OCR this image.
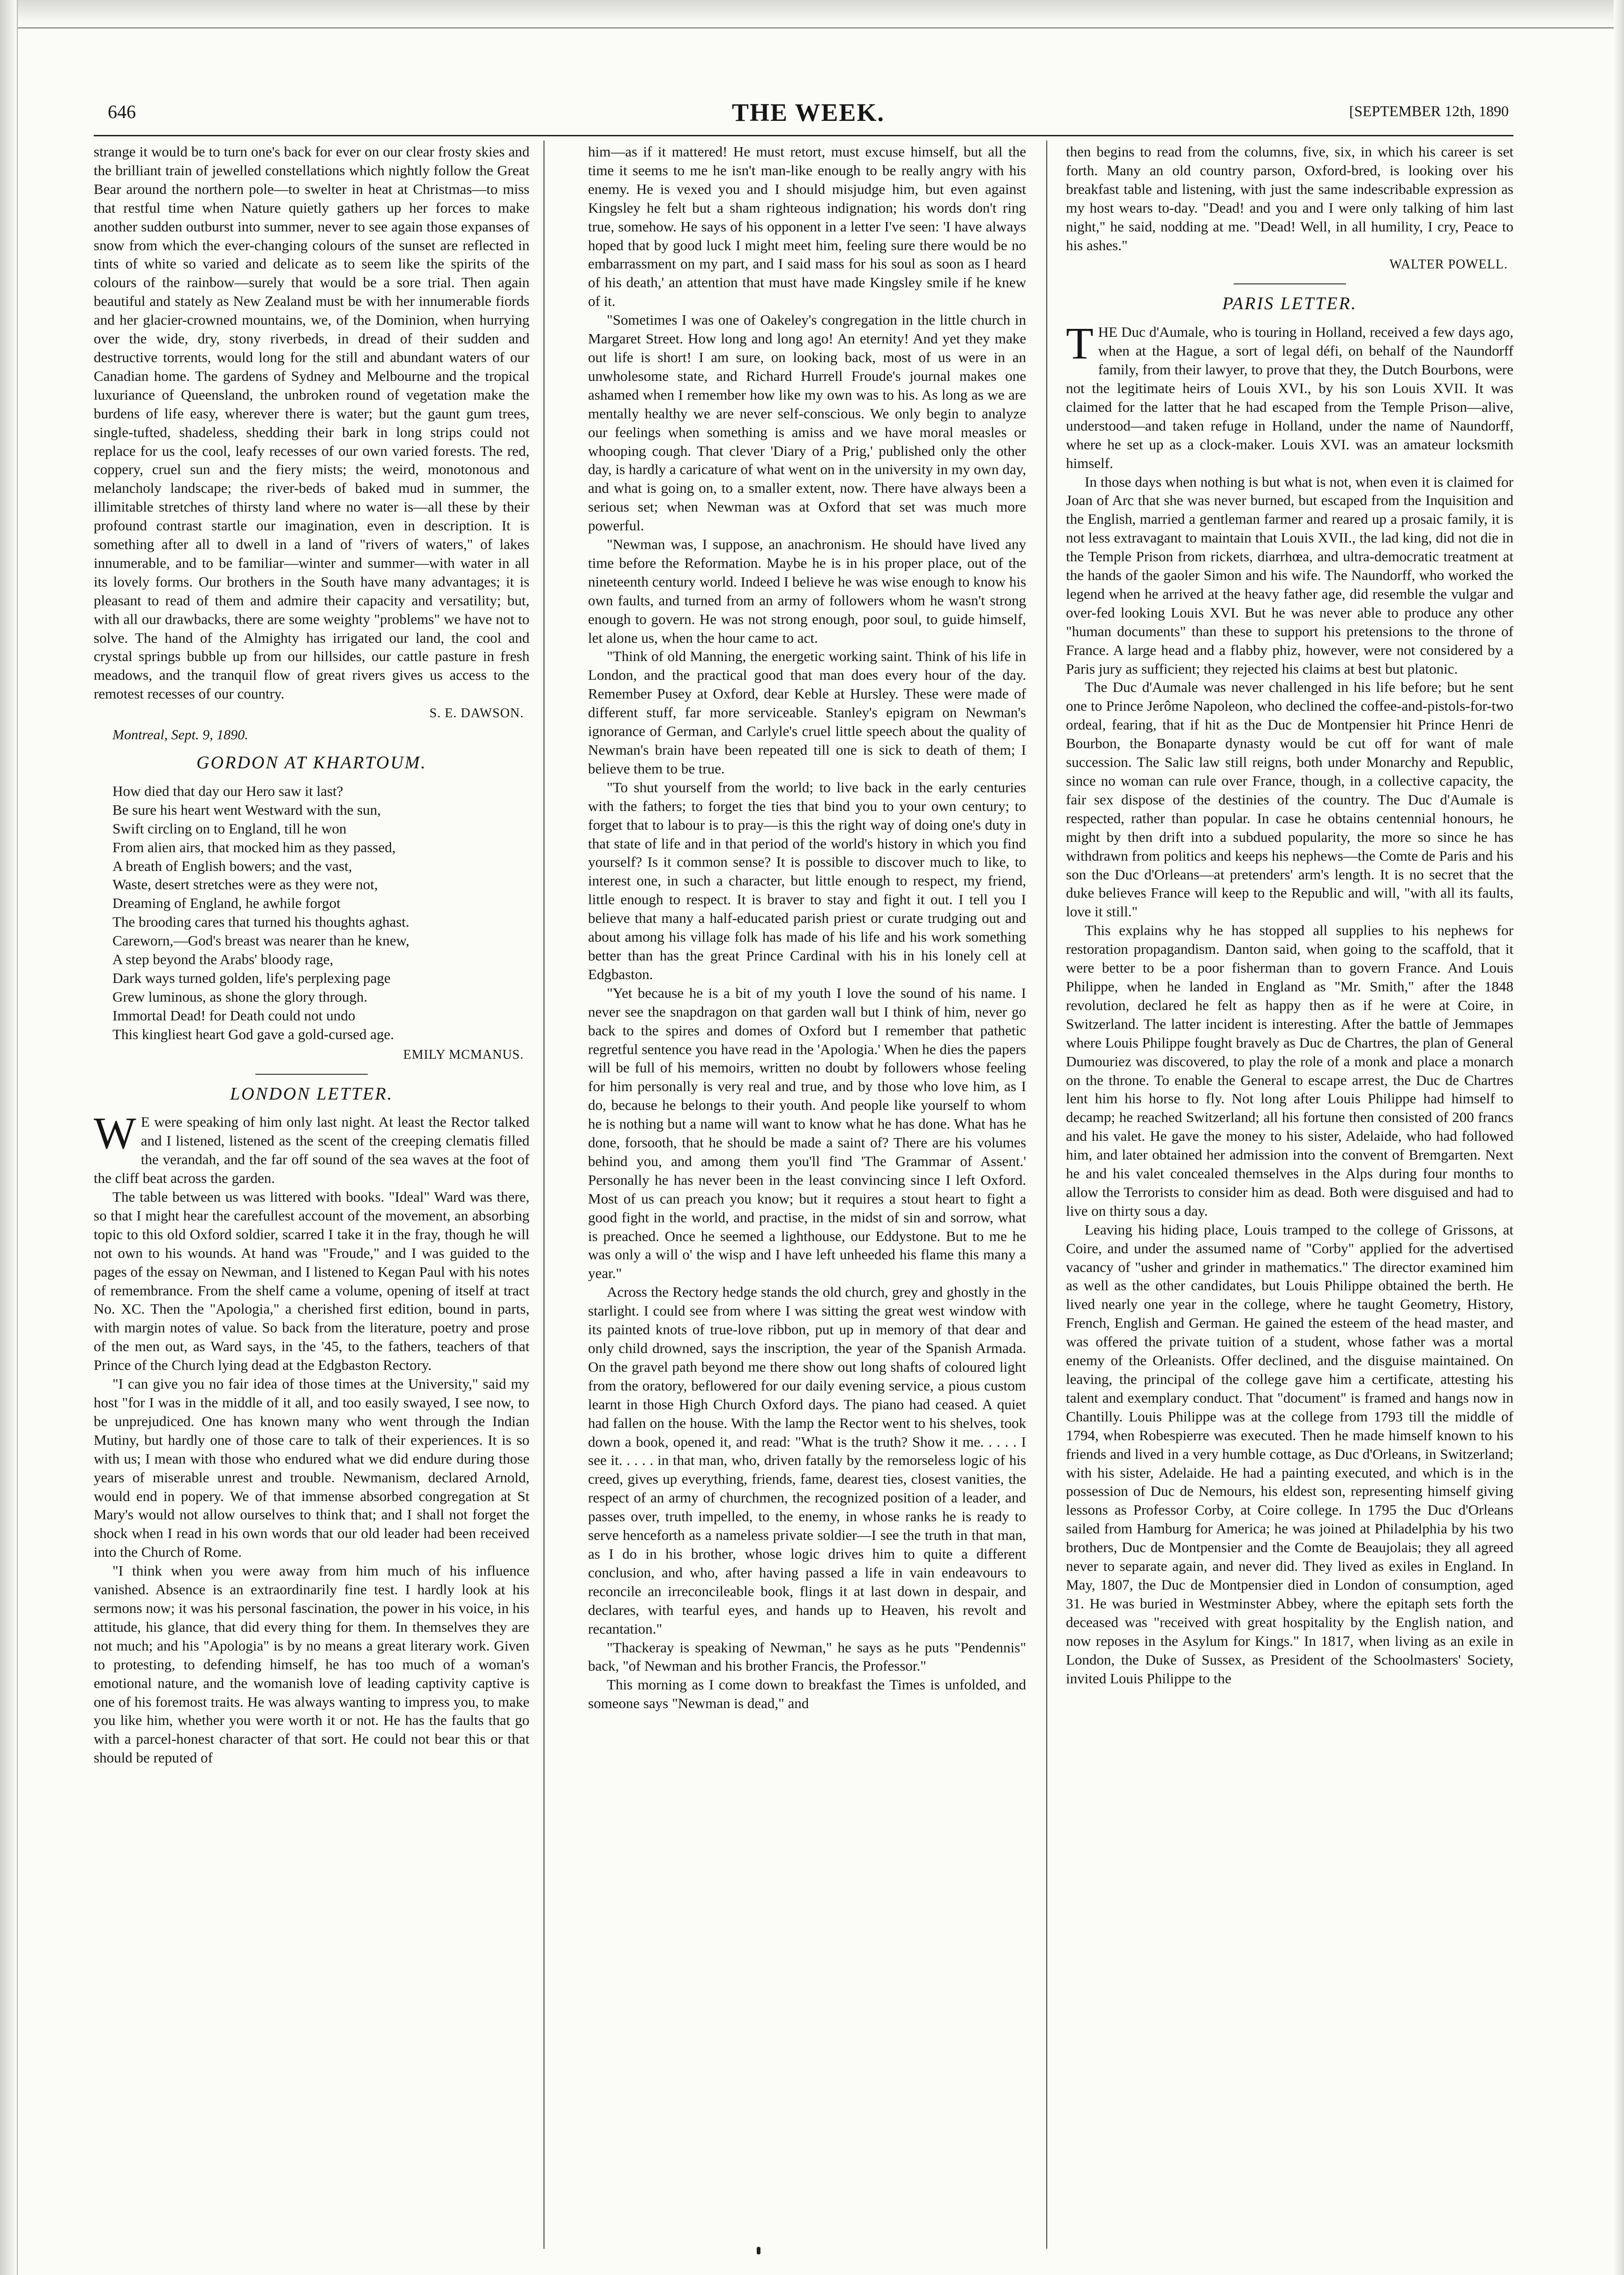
646	THE WEEK.	[SEPTEMBER 12th, 1890

strange it would be to turn one's back for ever on our clear frosty skies and the brilliant train of jewelled constellations which nightly follow the Great Bear around the northern pole—to swelter in heat at Christmas—to miss that restful time when Nature quietly gathers up her forces to make another sudden outburst into summer, never to see again those expanses of snow from which the ever-changing colours of the sunset are reflected in tints of white so varied and delicate as to seem like the spirits of the colours of the rainbow—surely that would be a sore trial. Then again beautiful and stately as New Zealand must be with her innumerable fiords and her glacier-crowned mountains, we, of the Dominion, when hurrying over the wide, dry, stony riverbeds, in dread of their sudden and destructive torrents, would long for the still and abundant waters of our Canadian home. The gardens of Sydney and Melbourne and the tropical luxuriance of Queensland, the unbroken round of vegetation make the burdens of life easy, wherever there is water; but the gaunt gum trees, single-tufted, shadeless, shedding their bark in long strips could not replace for us the cool, leafy recesses of our own varied forests. The red, coppery, cruel sun and the fiery mists; the weird, monotonous and melancholy landscape; the river-beds of baked mud in summer, the illimitable stretches of thirsty land where no water is—all these by their profound contrast startle our imagination, even in description. It is something after all to dwell in a land of "rivers of waters," of lakes innumerable, and to be familiar—winter and summer—with water in all its lovely forms. Our brothers in the South have many advantages; it is pleasant to read of them and admire their capacity and versatility; but, with all our drawbacks, there are some weighty "problems" we have not to solve. The hand of the Almighty has irrigated our land, the cool and crystal springs bubble up from our hillsides, our cattle pasture in fresh meadows, and the tranquil flow of great rivers gives us access to the remotest recesses of our country.

S. E. DAWSON.
Montreal, Sept. 9, 1890.
GORDON AT KHARTOUM.
How died that day our Hero saw it last?
Be sure his heart went Westward with the sun,
Swift circling on to England, till he won
From alien airs, that mocked him as they passed,
A breath of English bowers; and the vast,
Waste, desert stretches were as they were not,
Dreaming of England, he awhile forgot
The brooding cares that turned his thoughts aghast.
Careworn,—God's breast was nearer than he knew,
A step beyond the Arabs' bloody rage,
Dark ways turned golden, life's perplexing page
Grew luminous, as shone the glory through.
Immortal Dead! for Death could not undo
This kingliest heart God gave a gold-cursed age.
EMILY MCMANUS.
LONDON LETTER.

W E were speaking of him only last night. At least the Rector talked and I listened, listened as the scent of the creeping clematis filled the verandah, and the far off sound of the sea waves at the foot of the cliff beat across the garden.

The table between us was littered with books. "Ideal" Ward was there, so that I might hear the carefullest account of the movement, an absorbing topic to this old Oxford soldier, scarred I take it in the fray, though he will not own to his wounds. At hand was "Froude," and I was guided to the pages of the essay on Newman, and I listened to Kegan Paul with his notes of remembrance. From the shelf came a volume, opening of itself at tract No. XC. Then the "Apologia," a cherished first edition, bound in parts, with margin notes of value. So back from the literature, poetry and prose of the men out, as Ward says, in the '45, to the fathers, teachers of that Prince of the Church lying dead at the Edgbaston Rectory.

"I can give you no fair idea of those times at the University," said my host "for I was in the middle of it all, and too easily swayed, I see now, to be unprejudiced. One has known many who went through the Indian Mutiny, but hardly one of those care to talk of their experiences. It is so with us; I mean with those who endured what we did endure during those years of miserable unrest and trouble. Newmanism, declared Arnold, would end in popery. We of that immense absorbed congregation at St Mary's would not allow ourselves to think that; and I shall not forget the shock when I read in his own words that our old leader had been received into the Church of Rome.

"I think when you were away from him much of his influence vanished. Absence is an extraordinarily fine test. I hardly look at his sermons now; it was his personal fascination, the power in his voice, in his attitude, his glance, that did every thing for them. In themselves they are not much; and his "Apologia" is by no means a great literary work. Given to protesting, to defending himself, he has too much of a woman's emotional nature, and the womanish love of leading captivity captive is one of his foremost traits. He was always wanting to impress you, to make you like him, whether you were worth it or not. He has the faults that go with a parcel-honest character of that sort. He could not bear this or that should be reputed of

him—as if it mattered! He must retort, must excuse himself, but all the time it seems to me he isn't man-like enough to be really angry with his enemy. He is vexed you and I should misjudge him, but even against Kingsley he felt but a sham righteous indignation; his words don't ring true, somehow. He says of his opponent in a letter I've seen: 'I have always hoped that by good luck I might meet him, feeling sure there would be no embarrassment on my part, and I said mass for his soul as soon as I heard of his death,' an attention that must have made Kingsley smile if he knew of it.

"Sometimes I was one of Oakeley's congregation in the little church in Margaret Street. How long and long ago! An eternity! And yet they make out life is short! I am sure, on looking back, most of us were in an unwholesome state, and Richard Hurrell Froude's journal makes one ashamed when I remember how like my own was to his. As long as we are mentally healthy we are never self-conscious. We only begin to analyze our feelings when something is amiss and we have moral measles or whooping cough. That clever 'Diary of a Prig,' published only the other day, is hardly a caricature of what went on in the university in my own day, and what is going on, to a smaller extent, now. There have always been a serious set; when Newman was at Oxford that set was much more powerful.

"Newman was, I suppose, an anachronism. He should have lived any time before the Reformation. Maybe he is in his proper place, out of the nineteenth century world. Indeed I believe he was wise enough to know his own faults, and turned from an army of followers whom he wasn't strong enough to govern. He was not strong enough, poor soul, to guide himself, let alone us, when the hour came to act.

"Think of old Manning, the energetic working saint. Think of his life in London, and the practical good that man does every hour of the day. Remember Pusey at Oxford, dear Keble at Hursley. These were made of different stuff, far more serviceable. Stanley's epigram on Newman's ignorance of German, and Carlyle's cruel little speech about the quality of Newman's brain have been repeated till one is sick to death of them; I believe them to be true.

"To shut yourself from the world; to live back in the early centuries with the fathers; to forget the ties that bind you to your own century; to forget that to labour is to pray—is this the right way of doing one's duty in that state of life and in that period of the world's history in which you find yourself? Is it common sense? It is possible to discover much to like, to interest one, in such a character, but little enough to respect, my friend, little enough to respect. It is braver to stay and fight it out. I tell you I believe that many a half-educated parish priest or curate trudging out and about among his village folk has made of his life and his work something better than has the great Prince Cardinal with his in his lonely cell at Edgbaston.

"Yet because he is a bit of my youth I love the sound of his name. I never see the snapdragon on that garden wall but I think of him, never go back to the spires and domes of Oxford but I remember that pathetic regretful sentence you have read in the 'Apologia.' When he dies the papers will be full of his memoirs, written no doubt by followers whose feeling for him personally is very real and true, and by those who love him, as I do, because he belongs to their youth. And people like yourself to whom he is nothing but a name will want to know what he has done. What has he done, forsooth, that he should be made a saint of? There are his volumes behind you, and among them you'll find 'The Grammar of Assent.' Personally he has never been in the least convincing since I left Oxford. Most of us can preach you know; but it requires a stout heart to fight a good fight in the world, and practise, in the midst of sin and sorrow, what is preached. Once he seemed a lighthouse, our Eddystone. But to me he was only a will o' the wisp and I have left unheeded his flame this many a year."

Across the Rectory hedge stands the old church, grey and ghostly in the starlight. I could see from where I was sitting the great west window with its painted knots of true-love ribbon, put up in memory of that dear and only child drowned, says the inscription, the year of the Spanish Armada. On the gravel path beyond me there show out long shafts of coloured light from the oratory, beflowered for our daily evening service, a pious custom learnt in those High Church Oxford days. The piano had ceased. A quiet had fallen on the house. With the lamp the Rector went to his shelves, took down a book, opened it, and read: "What is the truth? Show it me. . . . . I see it. . . . . in that man, who, driven fatally by the remorseless logic of his creed, gives up everything, friends, fame, dearest ties, closest vanities, the respect of an army of churchmen, the recognized position of a leader, and passes over, truth impelled, to the enemy, in whose ranks he is ready to serve henceforth as a nameless private soldier—I see the truth in that man, as I do in his brother, whose logic drives him to quite a different conclusion, and who, after having passed a life in vain endeavours to reconcile an irreconcileable book, flings it at last down in despair, and declares, with tearful eyes, and hands up to Heaven, his revolt and recantation."

"Thackeray is speaking of Newman," he says as he puts "Pendennis" back, "of Newman and his brother Francis, the Professor."

This morning as I come down to breakfast the Times is unfolded, and someone says "Newman is dead," and

then begins to read from the columns, five, six, in which his career is set forth. Many an old country parson, Oxford-bred, is looking over his breakfast table and listening, with just the same indescribable expression as my host wears to-day. "Dead! and you and I were only talking of him last night," he said, nodding at me. "Dead! Well, in all humility, I cry, Peace to his ashes."

WALTER POWELL.
PARIS LETTER.

THE Duc d'Aumale, who is touring in Holland, received a few days ago, when at the Hague, a sort of legal défi, on behalf of the Naundorff family, from their lawyer, to prove that they, the Dutch Bourbons, were not the legitimate heirs of Louis XVI., by his son Louis XVII. It was claimed for the latter that he had escaped from the Temple Prison—alive, understood—and taken refuge in Holland, under the name of Naundorff, where he set up as a clock-maker. Louis XVI. was an amateur locksmith himself.

In those days when nothing is but what is not, when even it is claimed for Joan of Arc that she was never burned, but escaped from the Inquisition and the English, married a gentleman farmer and reared up a prosaic family, it is not less extravagant to maintain that Louis XVII., the lad king, did not die in the Temple Prison from rickets, diarrhœa, and ultra-democratic treatment at the hands of the gaoler Simon and his wife. The Naundorff, who worked the legend when he arrived at the heavy father age, did resemble the vulgar and over-fed looking Louis XVI. But he was never able to produce any other "human documents" than these to support his pretensions to the throne of France. A large head and a flabby phiz, however, were not considered by a Paris jury as sufficient; they rejected his claims at best but platonic.

The Duc d'Aumale was never challenged in his life before; but he sent one to Prince Jerôme Napoleon, who declined the coffee-and-pistols-for-two ordeal, fearing, that if hit as the Duc de Montpensier hit Prince Henri de Bourbon, the Bonaparte dynasty would be cut off for want of male succession. The Salic law still reigns, both under Monarchy and Republic, since no woman can rule over France, though, in a collective capacity, the fair sex dispose of the destinies of the country. The Duc d'Aumale is respected, rather than popular. In case he obtains centennial honours, he might by then drift into a subdued popularity, the more so since he has withdrawn from politics and keeps his nephews—the Comte de Paris and his son the Duc d'Orleans—at pretenders' arm's length. It is no secret that the duke believes France will keep to the Republic and will, "with all its faults, love it still."

This explains why he has stopped all supplies to his nephews for restoration propagandism. Danton said, when going to the scaffold, that it were better to be a poor fisherman than to govern France. And Louis Philippe, when he landed in England as "Mr. Smith," after the 1848 revolution, declared he felt as happy then as if he were at Coire, in Switzerland. The latter incident is interesting. After the battle of Jemmapes where Louis Philippe fought bravely as Duc de Chartres, the plan of General Dumouriez was discovered, to play the role of a monk and place a monarch on the throne. To enable the General to escape arrest, the Duc de Chartres lent him his horse to fly. Not long after Louis Philippe had himself to decamp; he reached Switzerland; all his fortune then consisted of 200 francs and his valet. He gave the money to his sister, Adelaide, who had followed him, and later obtained her admission into the convent of Bremgarten. Next he and his valet concealed themselves in the Alps during four months to allow the Terrorists to consider him as dead. Both were disguised and had to live on thirty sous a day.

Leaving his hiding place, Louis tramped to the college of Grissons, at Coire, and under the assumed name of "Corby" applied for the advertised vacancy of "usher and grinder in mathematics." The director examined him as well as the other candidates, but Louis Philippe obtained the berth. He lived nearly one year in the college, where he taught Geometry, History, French, English and German. He gained the esteem of the head master, and was offered the private tuition of a student, whose father was a mortal enemy of the Orleanists. Offer declined, and the disguise maintained. On leaving, the principal of the college gave him a certificate, attesting his talent and exemplary conduct. That "document" is framed and hangs now in Chantilly. Louis Philippe was at the college from 1793 till the middle of 1794, when Robespierre was executed. Then he made himself known to his friends and lived in a very humble cottage, as Duc d'Orleans, in Switzerland; with his sister, Adelaide. He had a painting executed, and which is in the possession of Duc de Nemours, his eldest son, representing himself giving lessons as Professor Corby, at Coire college. In 1795 the Duc d'Orleans sailed from Hamburg for America; he was joined at Philadelphia by his two brothers, Duc de Montpensier and the Comte de Beaujolais; they all agreed never to separate again, and never did. They lived as exiles in England. In May, 1807, the Duc de Montpensier died in London of consumption, aged 31. He was buried in Westminster Abbey, where the epitaph sets forth the deceased was "received with great hospitality by the English nation, and now reposes in the Asylum for Kings." In 1817, when living as an exile in London, the Duke of Sussex, as President of the Schoolmasters' Society, invited Louis Philippe to the
